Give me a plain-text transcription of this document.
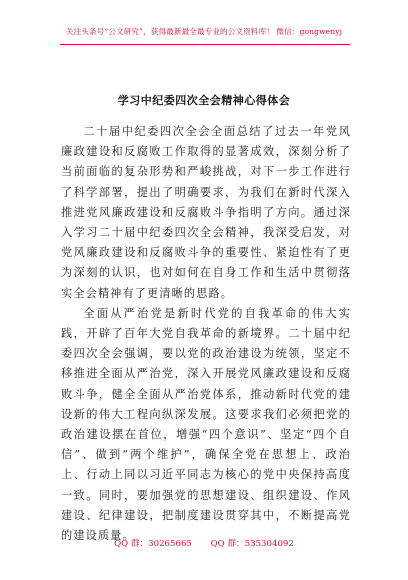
关注头条号“公文研究”，获得最新最全最专业的公文资料库！ 微信：gongwenyj
学习中纪委四次全会精神心得体会

二十届中纪委四次全会全面总结了过去一年党风廉政建设和反腐败工作取得的显著成效，深刻分析了当前面临的复杂形势和严峻挑战，对下一步工作进行了科学部署，提出了明确要求，为我们在新时代深入推进党风廉政建设和反腐败斗争指明了方向。通过深入学习二十届中纪委四次全会精神，我深受启发，对党风廉政建设和反腐败斗争的重要性、紧迫性有了更为深刻的认识，也对如何在自身工作和生活中贯彻落实全会精神有了更清晰的思路。

全面从严治党是新时代党的自我革命的伟大实践，开辟了百年大党自我革命的新境界。二十届中纪委四次全会强调，要以党的政治建设为统领，坚定不移推进全面从严治党，深入开展党风廉政建设和反腐败斗争，健全全面从严治党体系，推动新时代党的建设新的伟大工程向纵深发展。这要求我们必须把党的政治建设摆在首位，增强“四个意识”、坚定“四个自信”、做到“两个维护”，确保全党在思想上、政治上、行动上同以习近平同志为核心的党中央保持高度一致。同时，要加强党的思想建设、组织建设、作风建设、纪律建设，把制度建设贯穿其中，不断提高党的建设质量。

QQ 群：30265665 QQ 群：535304092
